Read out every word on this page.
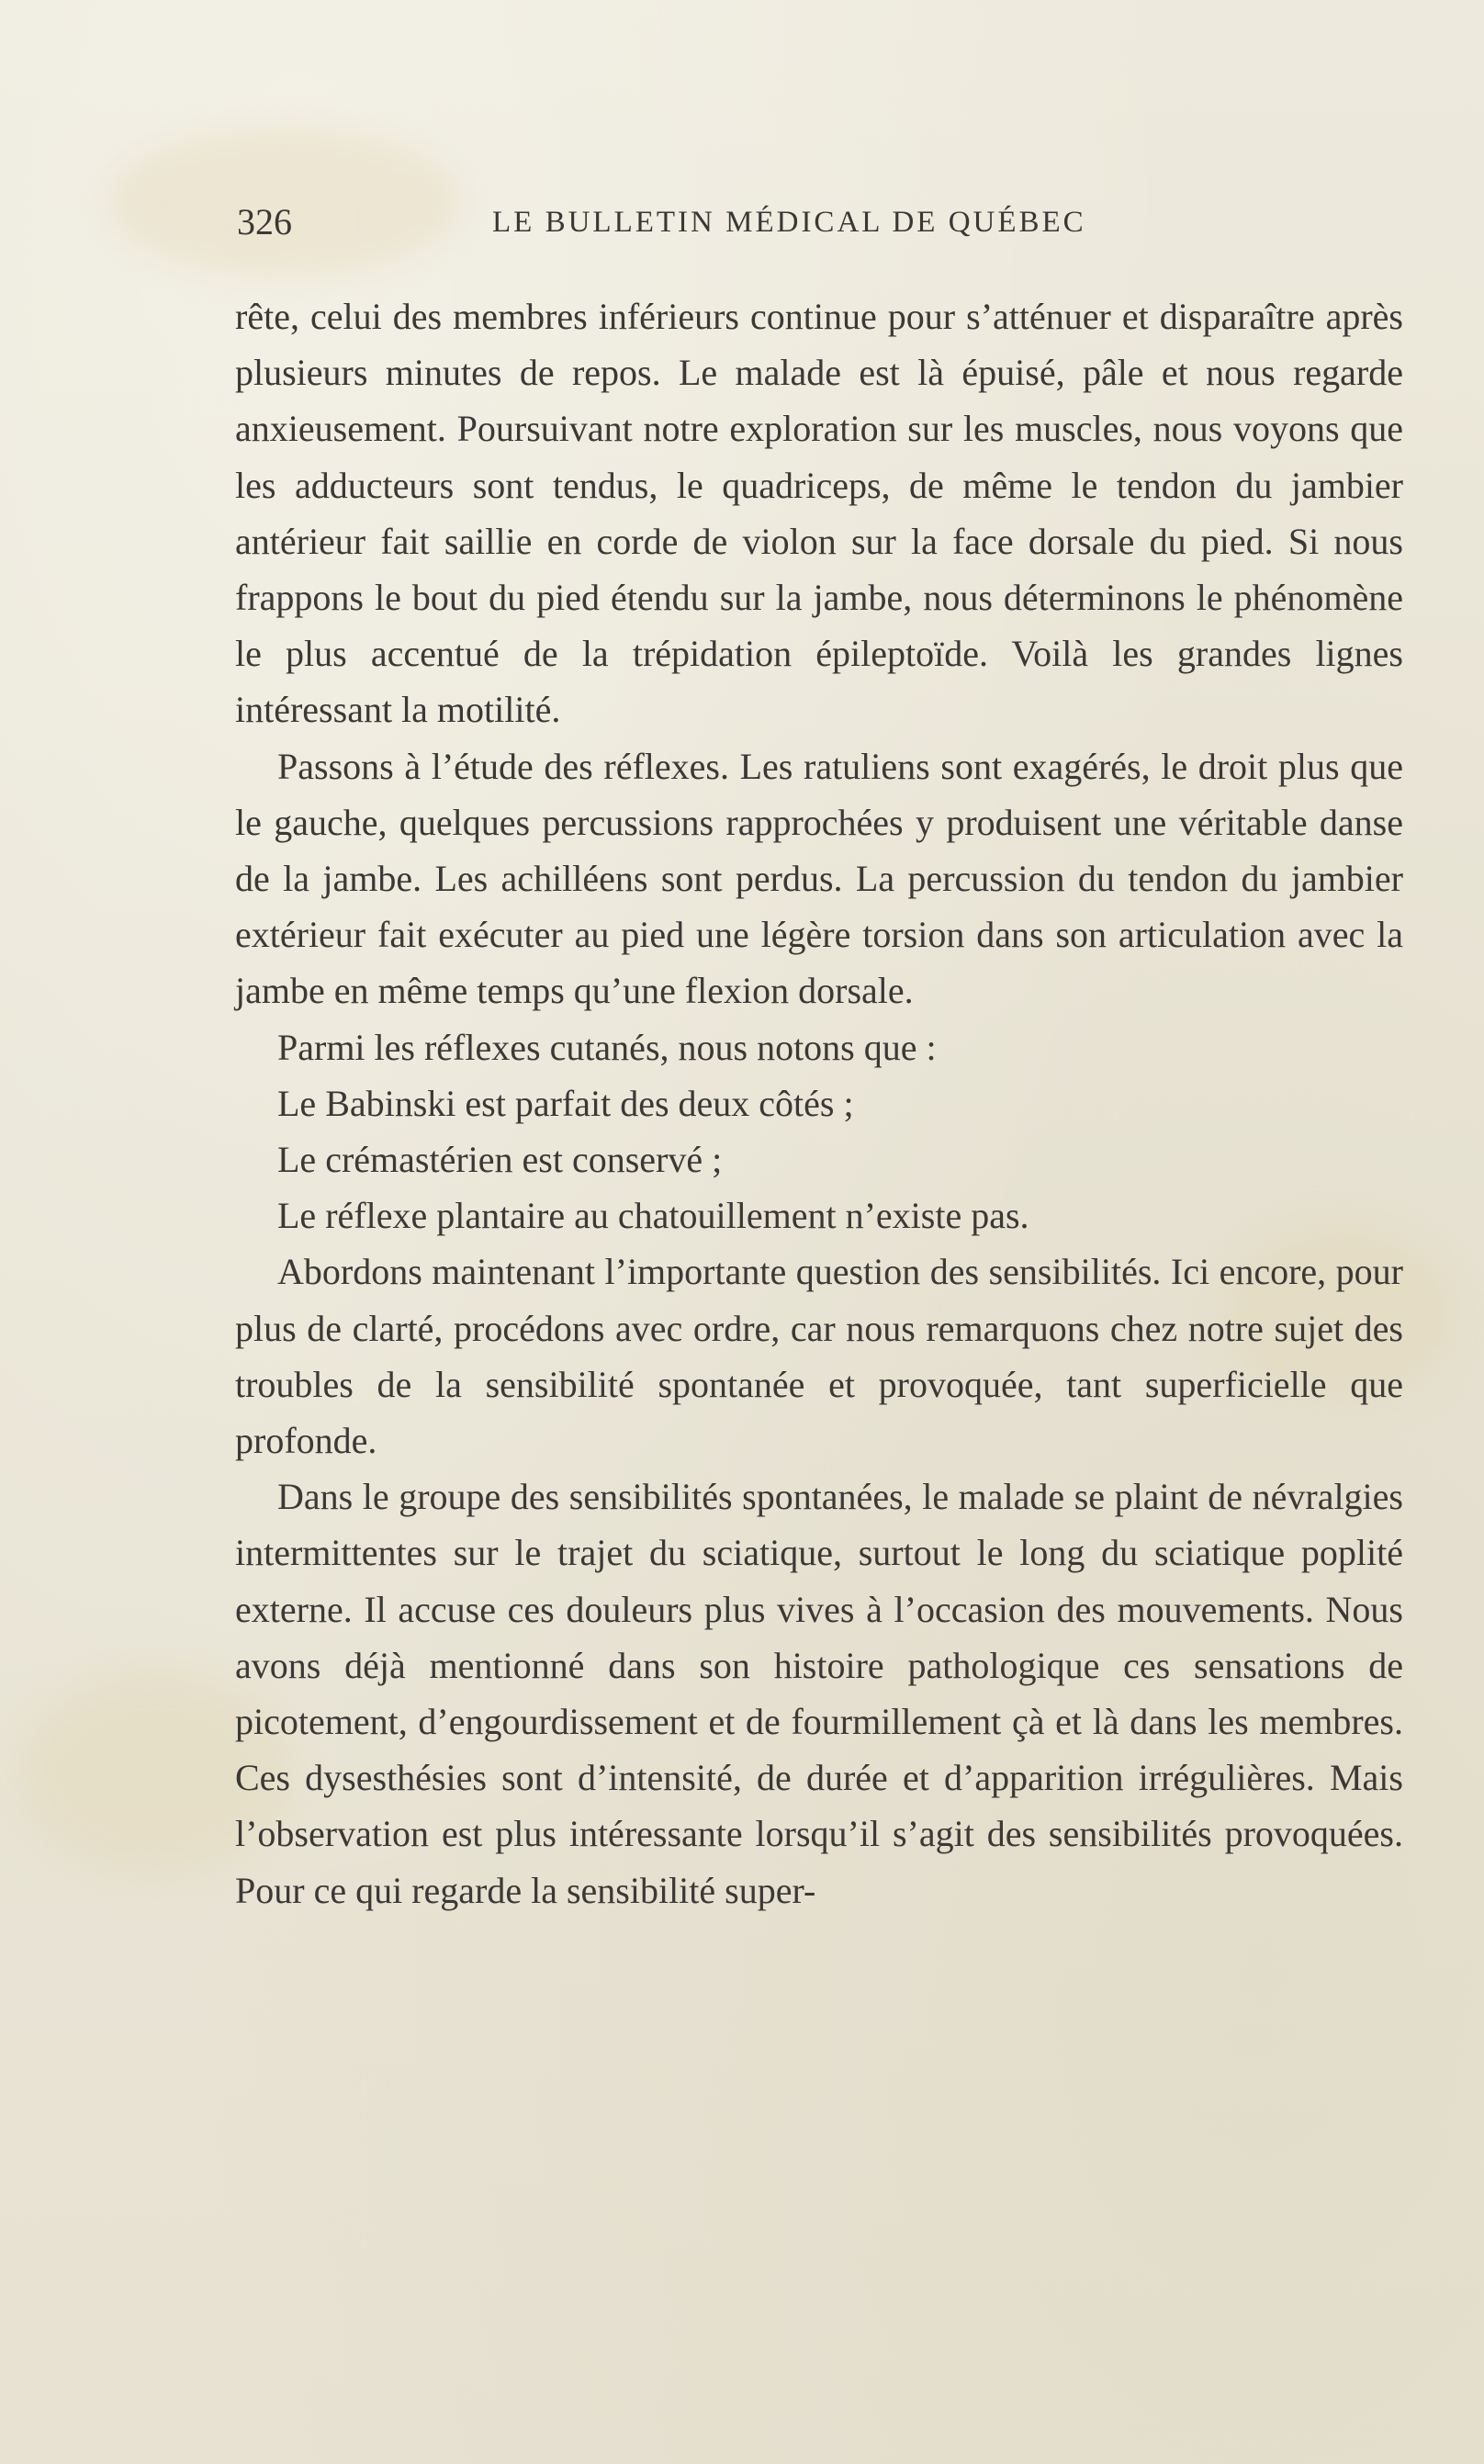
326	LE BULLETIN MÉDICAL DE QUÉBEC

rête, celui des membres inférieurs continue pour s’atténuer et disparaître après plusieurs minutes de repos. Le malade est là épuisé, pâle et nous regarde anxieusement. Poursuivant notre exploration sur les muscles, nous voyons que les adducteurs sont tendus, le quadriceps, de même le tendon du jambier antérieur fait saillie en corde de violon sur la face dorsale du pied. Si nous frappons le bout du pied étendu sur la jambe, nous déterminons le phénomène le plus accentué de la trépidation épileptoïde. Voilà les grandes lignes intéressant la motilité.

Passons à l’étude des réflexes. Les ratuliens sont exagérés, le droit plus que le gauche, quelques percussions rapprochées y produisent une véritable danse de la jambe. Les achilléens sont perdus. La percussion du tendon du jambier extérieur fait exécuter au pied une légère torsion dans son articulation avec la jambe en même temps qu’une flexion dorsale.

Parmi les réflexes cutanés, nous notons que :

Le Babinski est parfait des deux côtés ;

Le crémastérien est conservé ;

Le réflexe plantaire au chatouillement n’existe pas.

Abordons maintenant l’importante question des sensibilités. Ici encore, pour plus de clarté, procédons avec ordre, car nous remarquons chez notre sujet des troubles de la sensibilité spontanée et provoquée, tant superficielle que profonde.

Dans le groupe des sensibilités spontanées, le malade se plaint de névralgies intermittentes sur le trajet du sciatique, surtout le long du sciatique poplité externe. Il accuse ces douleurs plus vives à l’occasion des mouvements. Nous avons déjà mentionné dans son histoire pathologique ces sensations de picotement, d’engourdissement et de fourmillement çà et là dans les membres. Ces dysesthésies sont d’intensité, de durée et d’apparition irrégulières. Mais l’observation est plus intéressante lorsqu’il s’agit des sensibilités provoquées. Pour ce qui regarde la sensibilité super-
